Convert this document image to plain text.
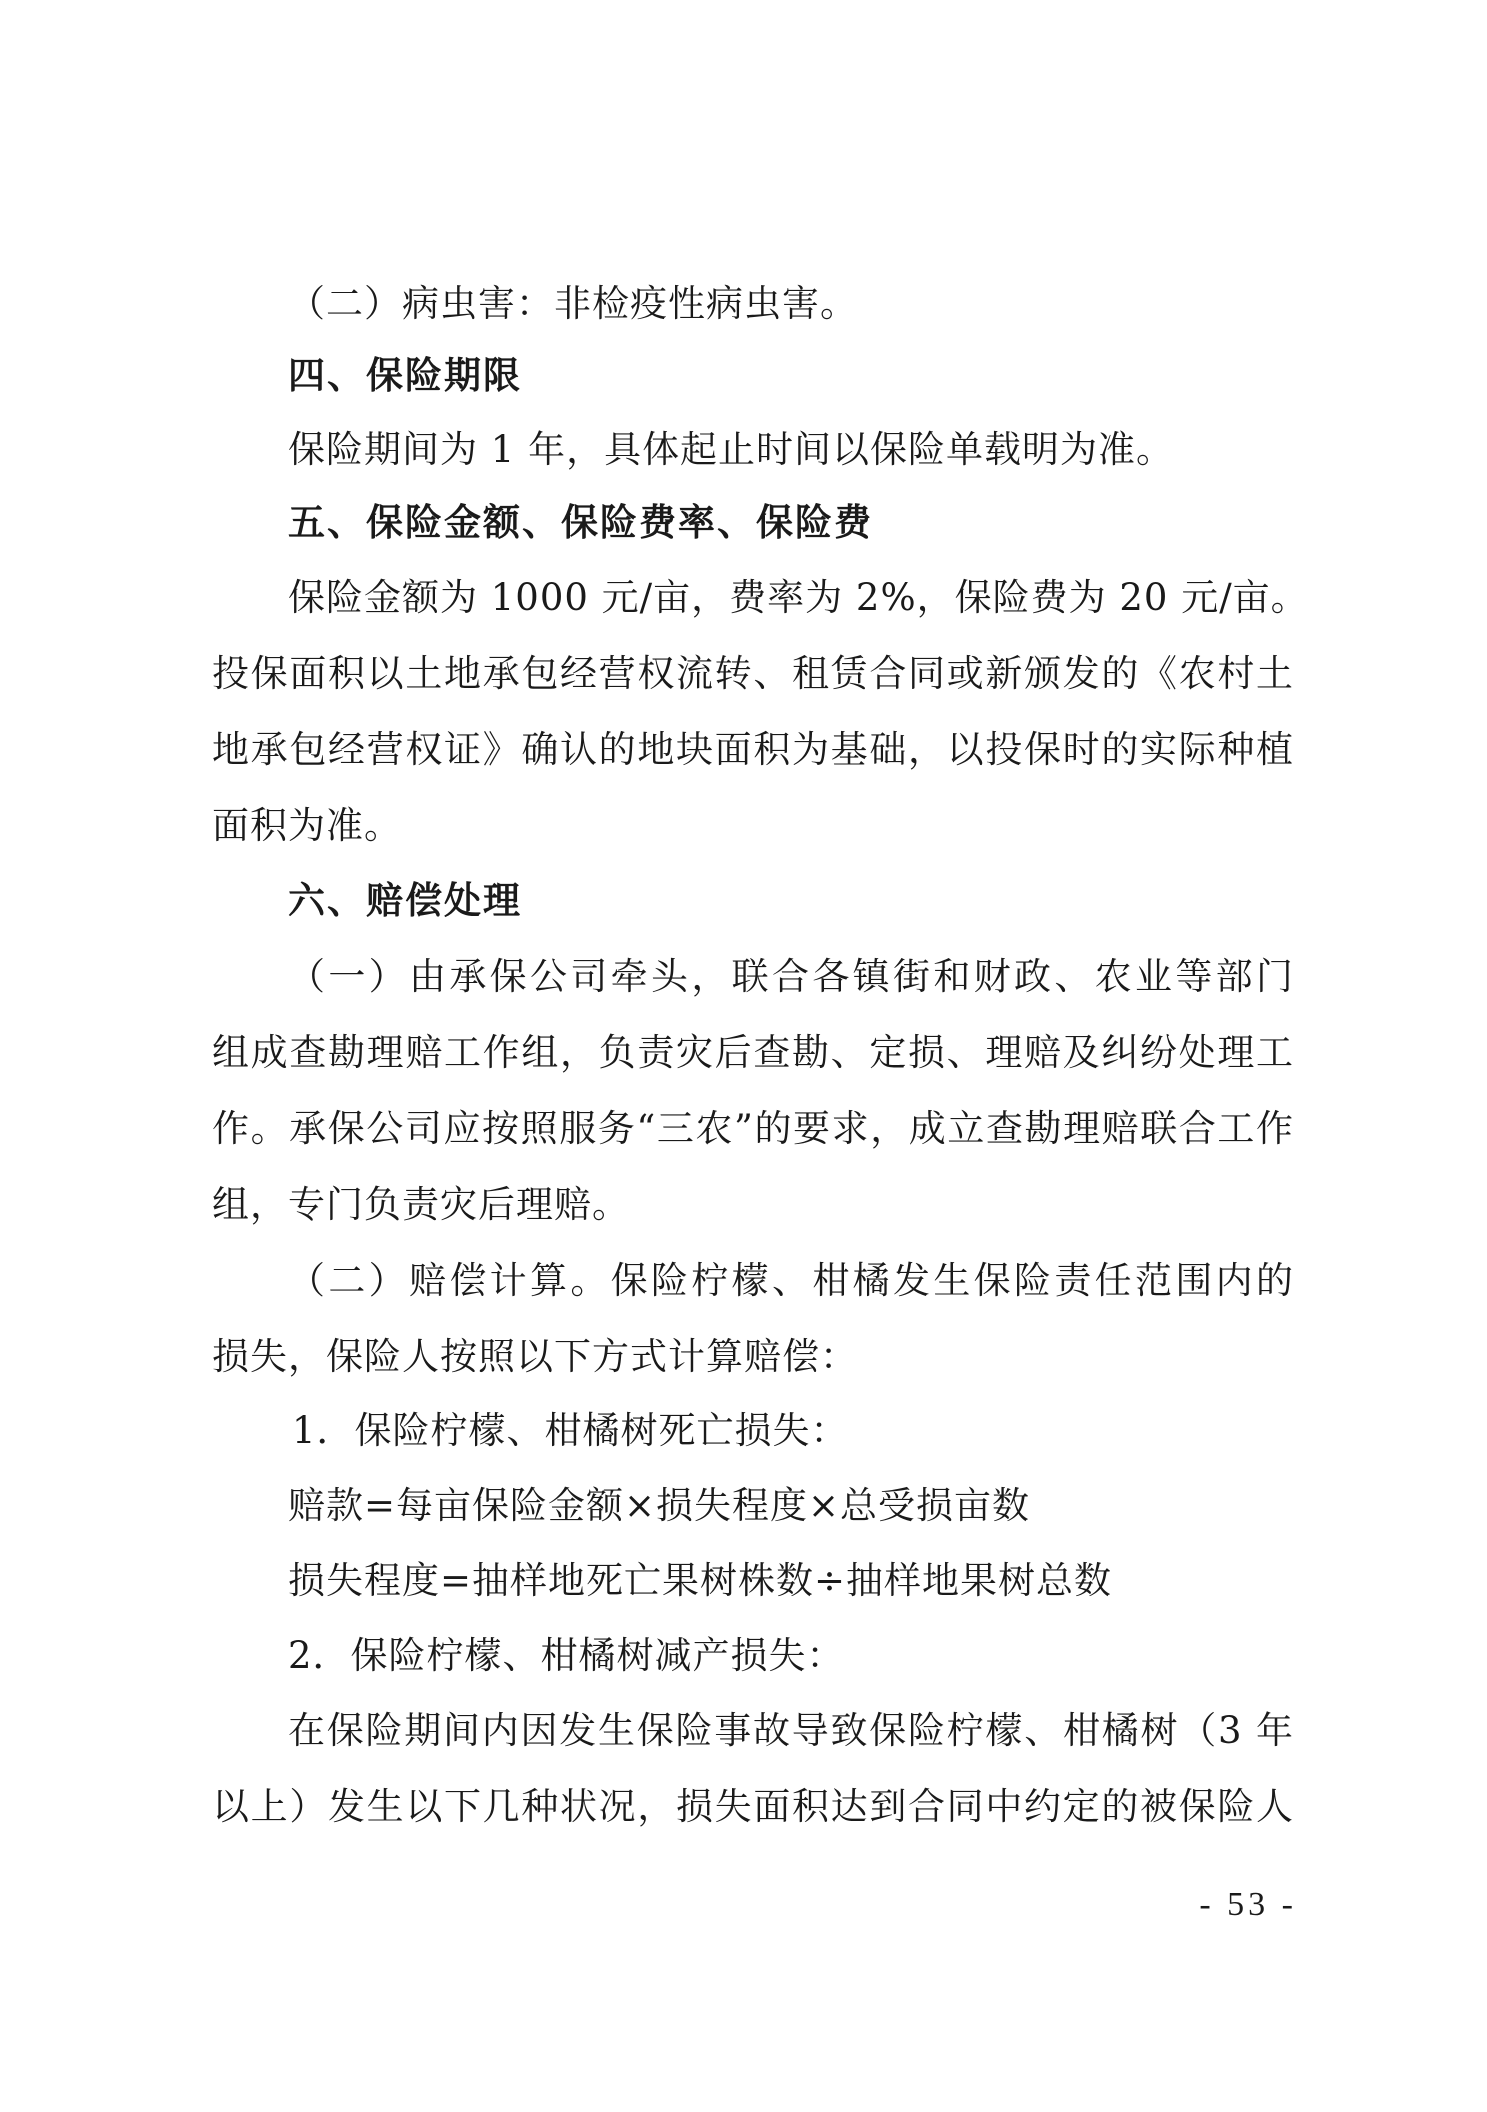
（二）病虫害：非检疫性病虫害。
四、保险期限
保险期间为 1 年，具体起止时间以保险单载明为准。
五、保险金额、保险费率、保险费
保险金额为 1000 元/亩，费率为 2%，保险费为 20 元/亩。
投保面积以土地承包经营权流转、租赁合同或新颁发的《农村土
地承包经营权证》确认的地块面积为基础，以投保时的实际种植
面积为准。
六、赔偿处理
（一）由承保公司牵头，联合各镇街和财政、农业等部门
组成查勘理赔工作组，负责灾后查勘、定损、理赔及纠纷处理工
作。承保公司应按照服务“三农”的要求，成立查勘理赔联合工作
组，专门负责灾后理赔。
（二）赔偿计算。保险柠檬、柑橘发生保险责任范围内的
损失，保险人按照以下方式计算赔偿：
1．保险柠檬、柑橘树死亡损失：
赔款=每亩保险金额×损失程度×总受损亩数
损失程度=抽样地死亡果树株数÷抽样地果树总数
2．保险柠檬、柑橘树减产损失：
在保险期间内因发生保险事故导致保险柠檬、柑橘树（3 年
以上）发生以下几种状况，损失面积达到合同中约定的被保险人
- 53 -
